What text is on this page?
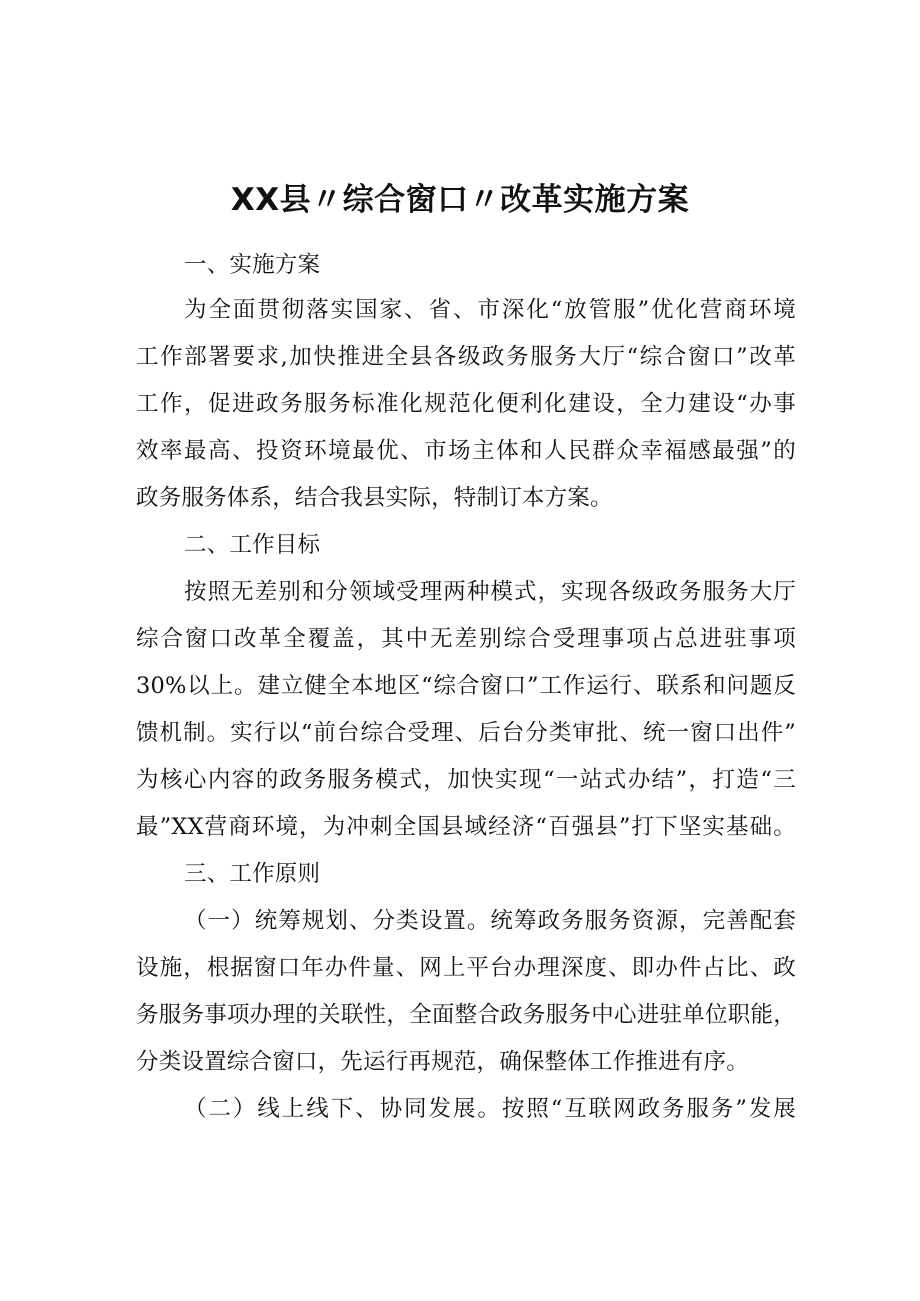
XX县〃综合窗口〃改革实施方案
一、实施方案
为全面贯彻落实国家、省、市深化“放管服”优化营商环境
工作部署要求,加快推进全县各级政务服务大厅“综合窗口”改革
工作，促进政务服务标准化规范化便利化建设，全力建设“办事
效率最高、投资环境最优、市场主体和人民群众幸福感最强”的
政务服务体系，结合我县实际，特制订本方案。
二、工作目标
按照无差别和分领域受理两种模式，实现各级政务服务大厅
综合窗口改革全覆盖，其中无差别综合受理事项占总进驻事项
30%以上。建立健全本地区“综合窗口”工作运行、联系和问题反
馈机制。实行以“前台综合受理、后台分类审批、统一窗口出件”
为核心内容的政务服务模式，加快实现“一站式办结”，打造“三
最”XX营商环境，为冲刺全国县域经济“百强县”打下坚实基础。
三、工作原则
（一）统筹规划、分类设置。统筹政务服务资源，完善配套
设施，根据窗口年办件量、网上平台办理深度、即办件占比、政
务服务事项办理的关联性，全面整合政务服务中心进驻单位职能，
分类设置综合窗口，先运行再规范，确保整体工作推进有序。
（二）线上线下、协同发展。按照“互联网政务服务”发展
